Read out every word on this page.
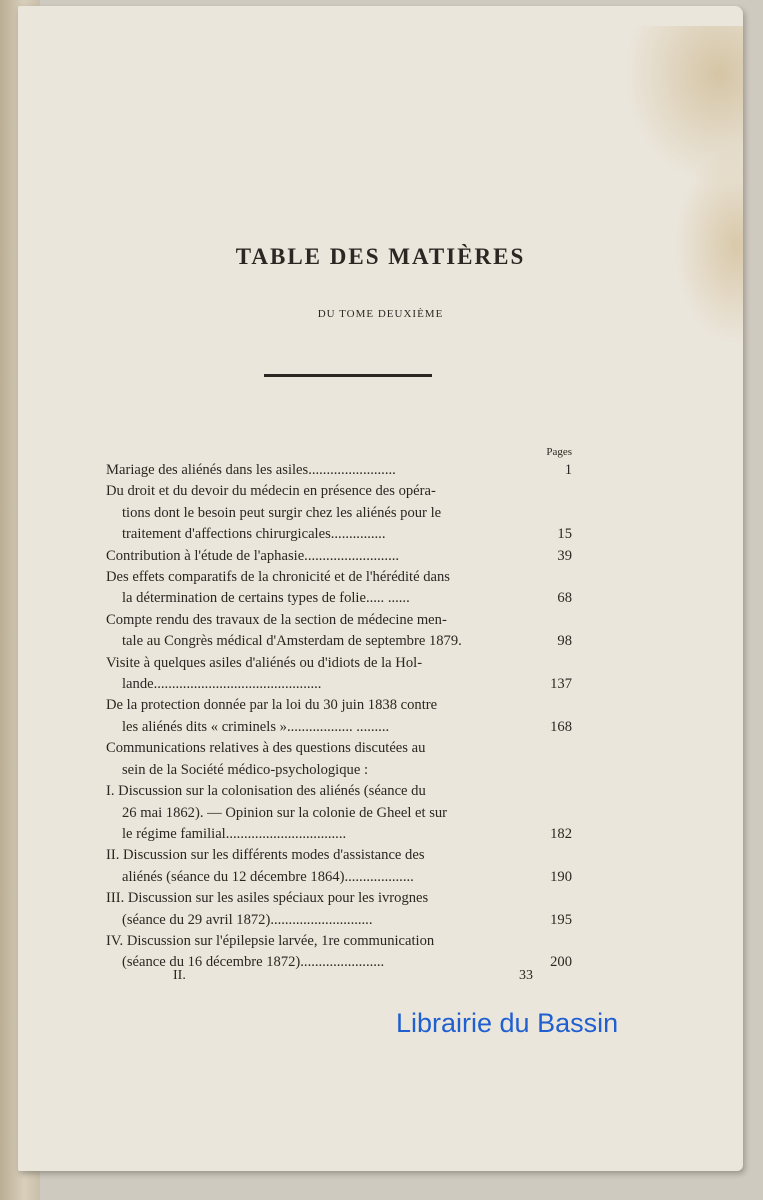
TABLE DES MATIÈRES
DU TOME DEUXIÈME
Pages
Mariage des aliénés dans les asiles........................	1
Du droit et du devoir du médecin en présence des opéra-
tions dont le besoin peut surgir chez les aliénés pour le
traitement d'affections chirurgicales...............	15
Contribution à l'étude de l'aphasie..........................	39
Des effets comparatifs de la chronicité et de l'hérédité dans
la détermination de certains types de folie..... ......	68
Compte rendu des travaux de la section de médecine men-
tale au Congrès médical d'Amsterdam de septembre 1879.	98
Visite à quelques asiles d'aliénés ou d'idiots de la Hol-
lande..............................................	137
De la protection donnée par la loi du 30 juin 1838 contre
les aliénés dits « criminels ».................. .........	168
Communications relatives à des questions discutées au
sein de la Société médico-psychologique :
I. Discussion sur la colonisation des aliénés (séance du
26 mai 1862). — Opinion sur la colonie de Gheel et sur
le régime familial.................................	182
II. Discussion sur les différents modes d'assistance des
aliénés (séance du 12 décembre 1864)...................	190
III. Discussion sur les asiles spéciaux pour les ivrognes
(séance du 29 avril 1872)............................	195
IV. Discussion sur l'épilepsie larvée, 1re communication
(séance du 16 décembre 1872).......................	200
II.	33
Librairie du Bassin
